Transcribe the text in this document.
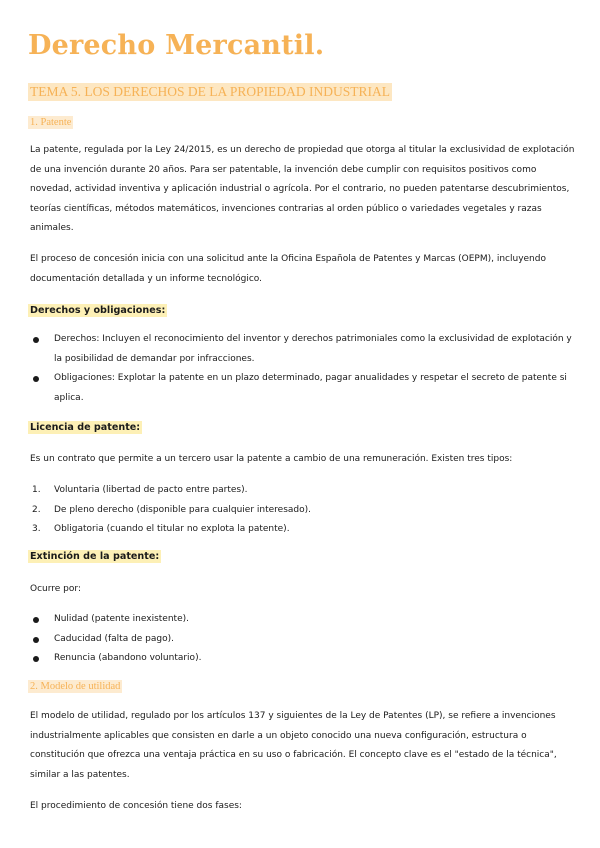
Derecho Mercantil.
TEMA 5. LOS DERECHOS DE LA PROPIEDAD INDUSTRIAL
1. Patente
La patente, regulada por la Ley 24/2015, es un derecho de propiedad que otorga al titular la exclusividad de explotación de una invención durante 20 años. Para ser patentable, la invención debe cumplir con requisitos positivos como novedad, actividad inventiva y aplicación industrial o agrícola. Por el contrario, no pueden patentarse descubrimientos, teorías científicas, métodos matemáticos, invenciones contrarias al orden público o variedades vegetales y razas animales.
El proceso de concesión inicia con una solicitud ante la Oficina Española de Patentes y Marcas (OEPM), incluyendo documentación detallada y un informe tecnológico.
Derechos y obligaciones:
Derechos: Incluyen el reconocimiento del inventor y derechos patrimoniales como la exclusividad de explotación y la posibilidad de demandar por infracciones.
Obligaciones: Explotar la patente en un plazo determinado, pagar anualidades y respetar el secreto de patente si aplica.
Licencia de patente:
Es un contrato que permite a un tercero usar la patente a cambio de una remuneración. Existen tres tipos:
1. Voluntaria (libertad de pacto entre partes).
2. De pleno derecho (disponible para cualquier interesado).
3. Obligatoria (cuando el titular no explota la patente).
Extinción de la patente:
Ocurre por:
Nulidad (patente inexistente).
Caducidad (falta de pago).
Renuncia (abandono voluntario).
2. Modelo de utilidad
El modelo de utilidad, regulado por los artículos 137 y siguientes de la Ley de Patentes (LP), se refiere a invenciones industrialmente aplicables que consisten en darle a un objeto conocido una nueva configuración, estructura o constitución que ofrezca una ventaja práctica en su uso o fabricación. El concepto clave es el "estado de la técnica", similar a las patentes.
El procedimiento de concesión tiene dos fases:
